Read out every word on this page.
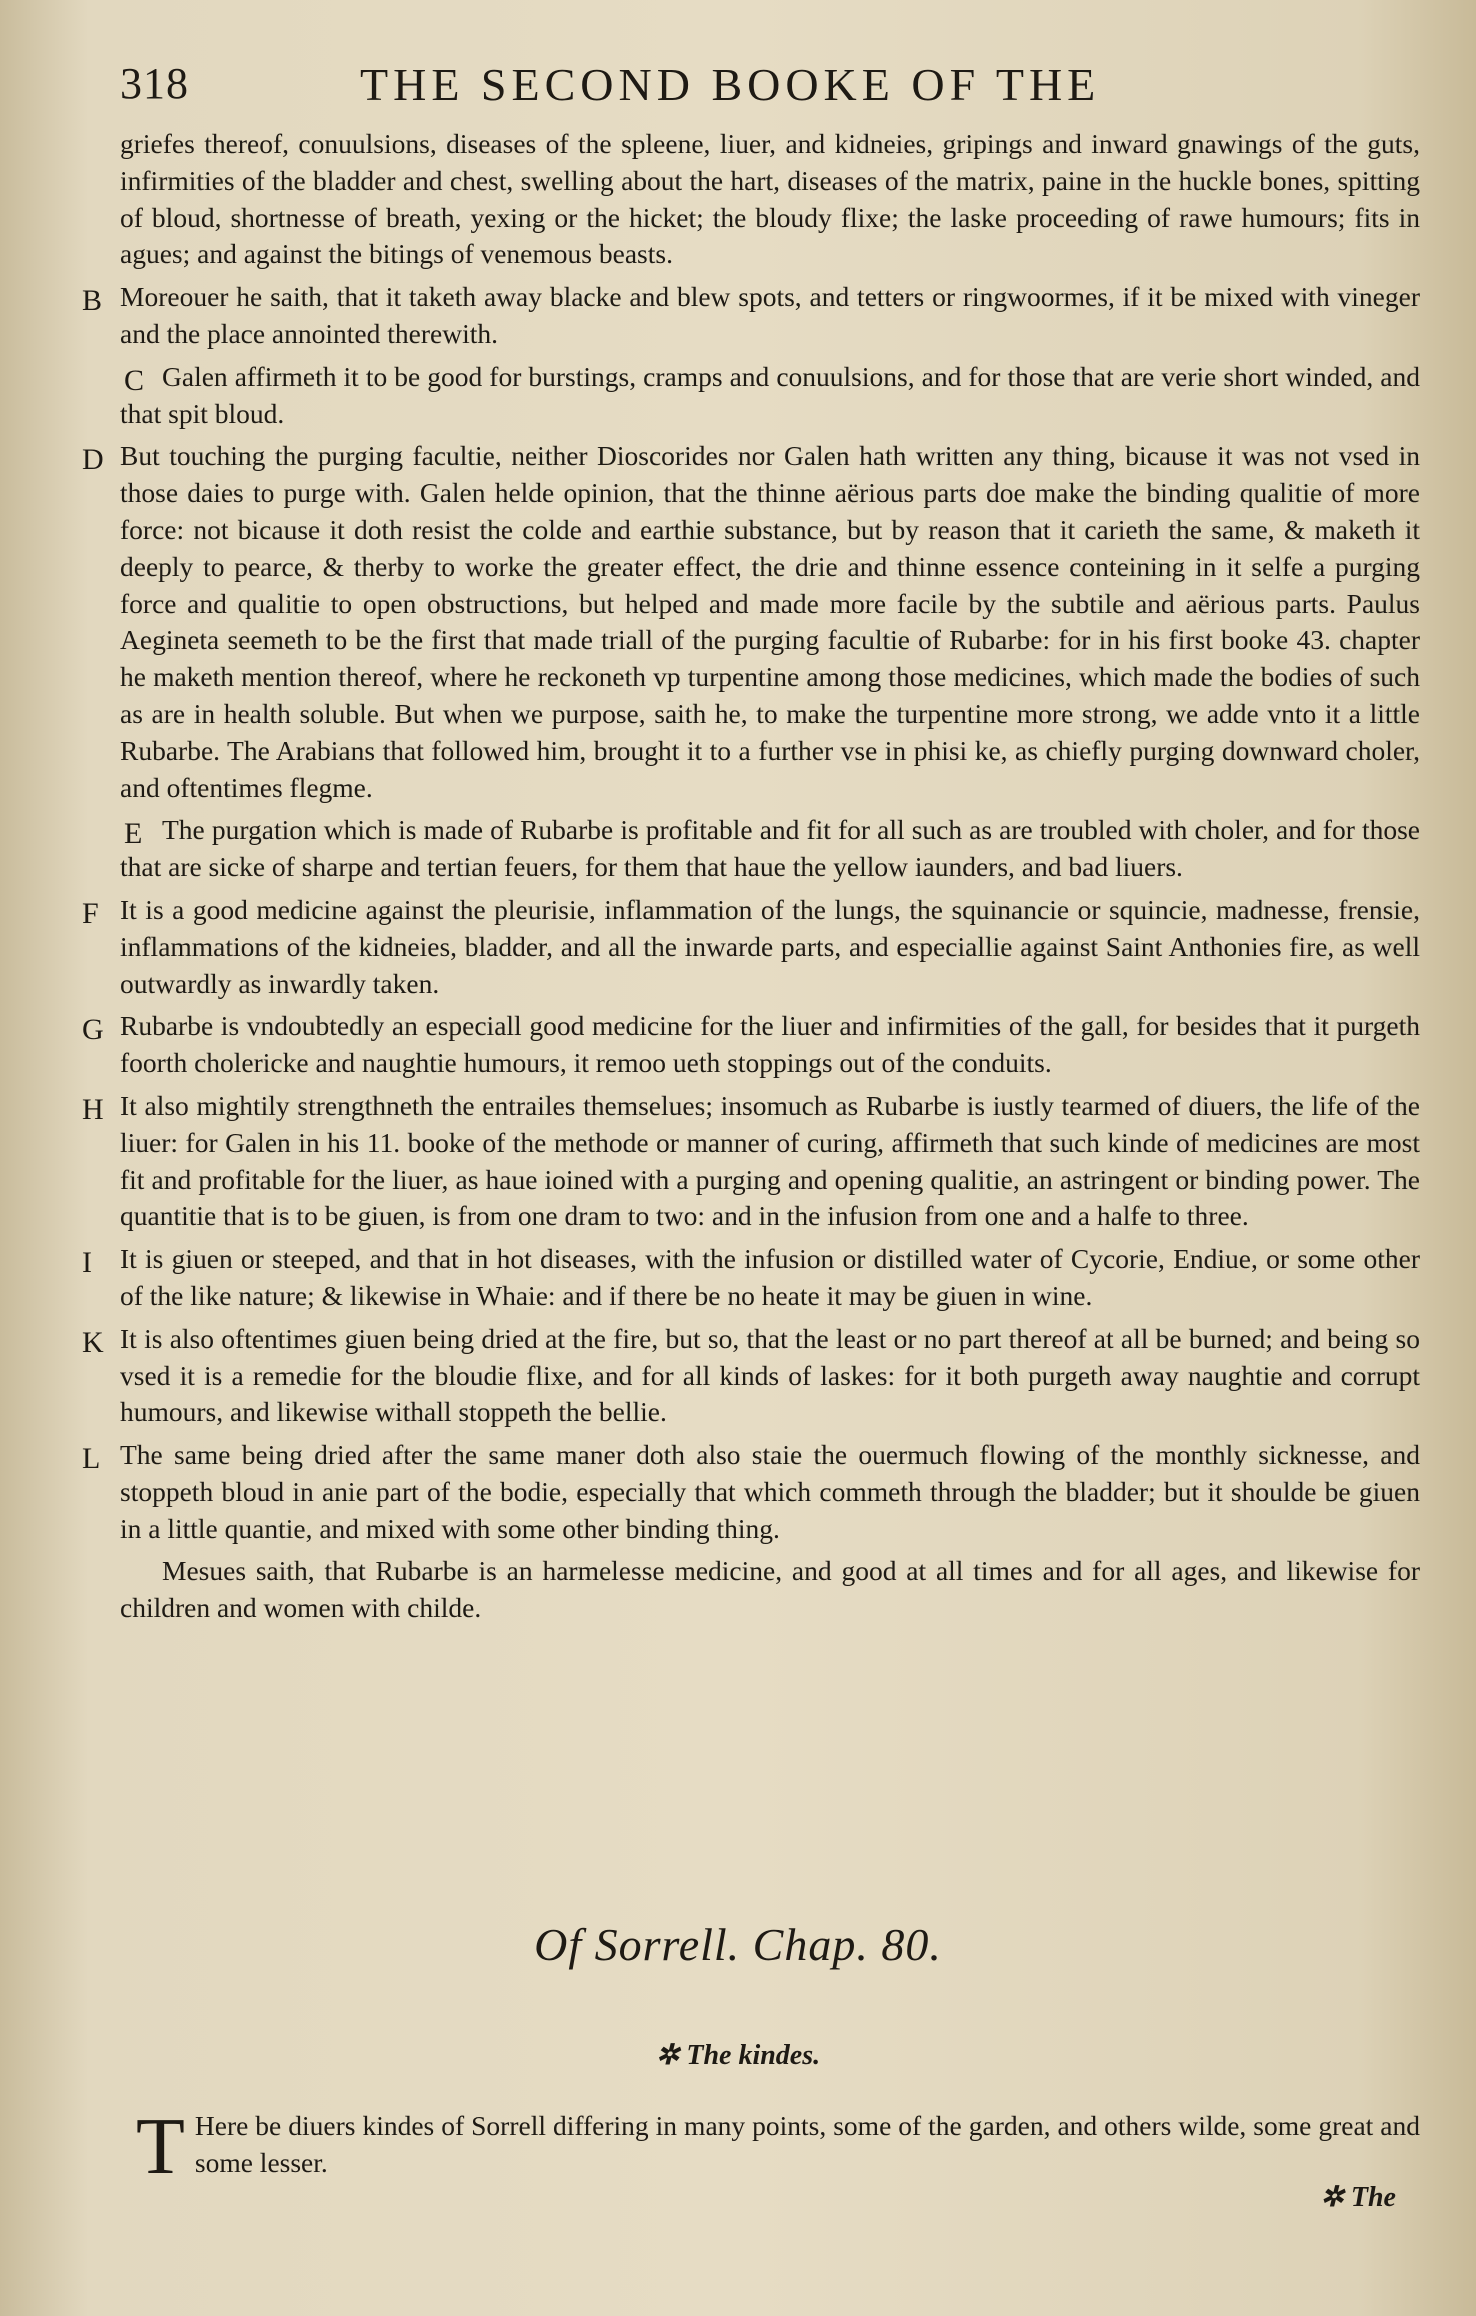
318	THE SECOND BOOKE OF THE

griefes thereof, conuulsions, diseases of the spleene, liuer, and kidneies, gripings and inward gnawings of the guts, infirmities of the bladder and chest, swelling about the hart, diseases of the matrix, paine in the huckle bones, spitting of bloud, shortnesse of breath, yexing or the hicket; the bloudy flixe; the laske proceeding of rawe humours; fits in agues; and against the bitings of venemous beasts.

B Moreouer he saith, that it taketh away blacke and blew spots, and tetters or ringwoormes, if it be mixed with vineger and the place annointed therewith.

C Galen affirmeth it to be good for burstings, cramps and conuulsions, and for those that are verie short winded, and that spit bloud.

D But touching the purging facultie, neither Dioscorides nor Galen hath written any thing, bicause it was not vsed in those daies to purge with. Galen helde opinion, that the thinne aërious parts doe make the binding qualitie of more force: not bicause it doth resist the colde and earthie substance, but by reason that it carieth the same, & maketh it deeply to pearce, & therby to worke the greater effect, the drie and thinne essence conteining in it selfe a purging force and qualitie to open obstructions, but helped and made more facile by the subtile and aërious parts. Paulus Aegineta seemeth to be the first that made triall of the purging facultie of Rubarbe: for in his first booke 43. chapter he maketh mention thereof, where he reckoneth vp turpentine among those medicines, which made the bodies of such as are in health soluble. But when we purpose, saith he, to make the turpentine more strong, we adde vnto it a little Rubarbe. The Arabians that followed him, brought it to a further vse in phisi ke, as chiefly purging downward choler, and oftentimes flegme.

E The purgation which is made of Rubarbe is profitable and fit for all such as are troubled with choler, and for those that are sicke of sharpe and tertian feuers, for them that haue the yellow iaunders, and bad liuers.

F It is a good medicine against the pleurisie, inflammation of the lungs, the squinancie or squincie, madnesse, frensie, inflammations of the kidneies, bladder, and all the inwarde parts, and especiallie against Saint Anthonies fire, as well outwardly as inwardly taken.

G Rubarbe is vndoubtedly an especiall good medicine for the liuer and infirmities of the gall, for besides that it purgeth foorth cholericke and naughtie humours, it remoo ueth stoppings out of the conduits.

H It also mightily strengthneth the entrailes themselues; insomuch as Rubarbe is iustly tearmed of diuers, the life of the liuer: for Galen in his 11. booke of the methode or manner of curing, affirmeth that such kinde of medicines are most fit and profitable for the liuer, as haue ioined with a purging and opening qualitie, an astringent or binding power. The quantitie that is to be giuen, is from one dram to two: and in the infusion from one and a halfe to three.

I	It is giuen or steeped, and that in hot diseases, with the infusion or distilled water of Cycorie, Endiue, or some other of the like nature; & likewise in Whaie: and if there be no heate it may be giuen in wine.

K It is also oftentimes giuen being dried at the fire, but so, that the least or no part thereof at all be burned; and being so vsed it is a remedie for the bloudie flixe, and for all kinds of laskes: for it both purgeth away naughtie and corrupt humours, and likewise withall stoppeth the bellie.

L The same being dried after the same maner doth also staie the ouermuch flowing of the monthly sicknesse, and stoppeth bloud in anie part of the bodie, especially that which commeth through the bladder; but it shoulde be giuen in a little quantie, and mixed with some other binding thing.

Mesues saith, that Rubarbe is an harmelesse medicine, and good at all times and for all ages, and likewise for children and women with childe.

Of Sorrell. Chap. 80.
✲ The kindes.
T Here be diuers kindes of Sorrell differing in many points, some of the garden, and others wilde, some great and some lesser.
✲ The
